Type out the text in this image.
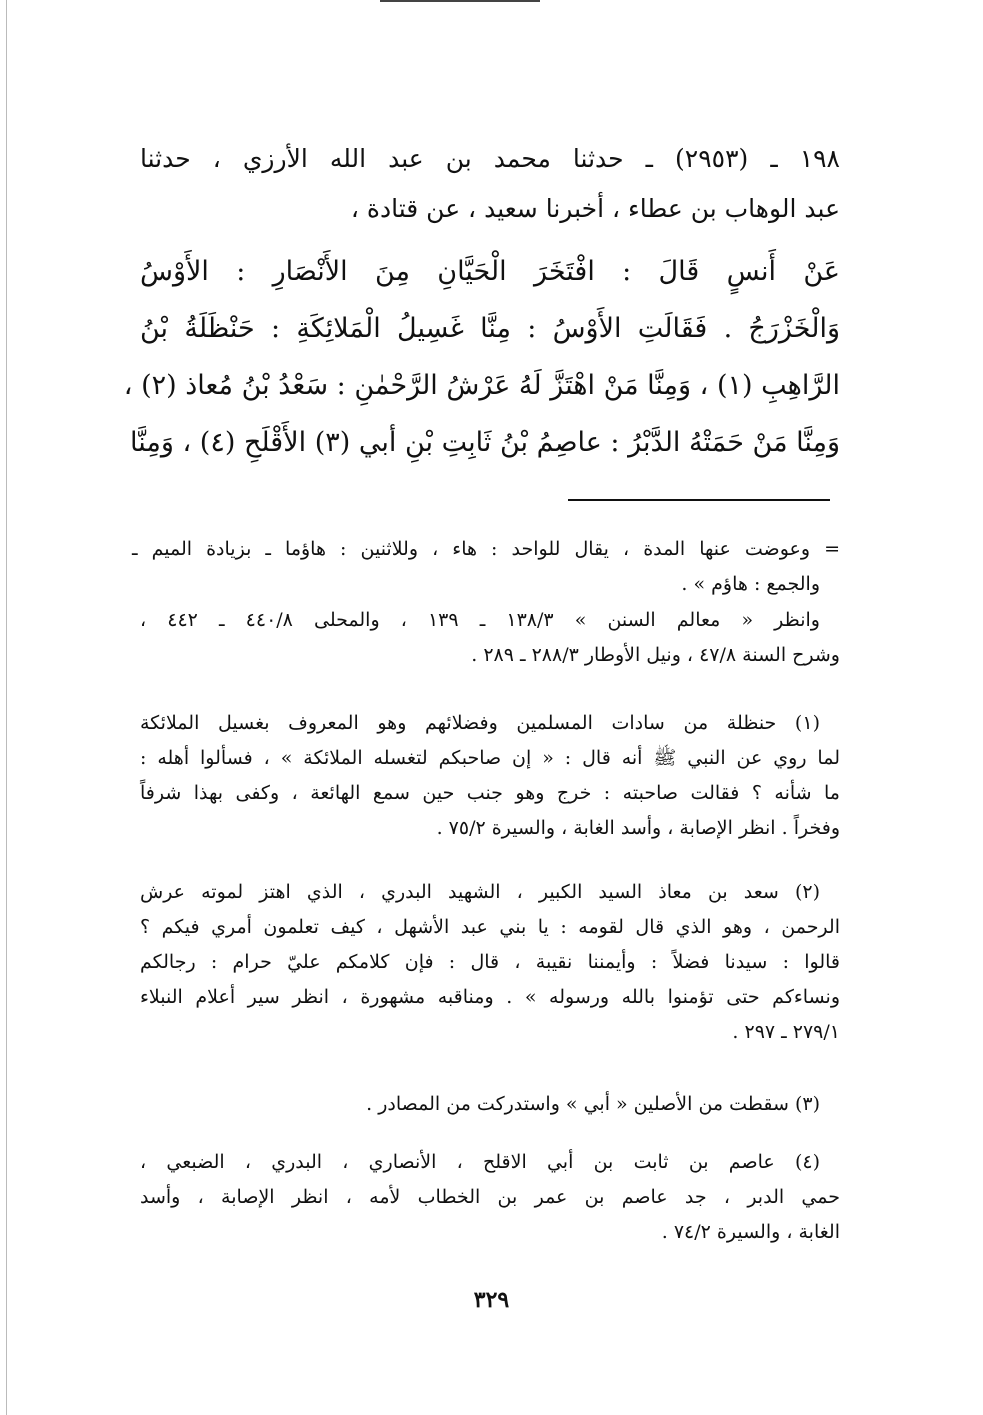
١٩٨ ـ (٢٩٥٣) ـ حدثنا محمد بن عبد الله الأرزي ، حدثنا
عبد الوهاب بن عطاء ، أخبرنا سعيد ، عن قتادة ،
عَنْ أَنسٍ قَالَ : افْتَخَرَ الْحَيَّانِ مِنَ الأَنْصَارِ : الأَوْسُ
وَالْخَزْرَجُ . فَقَالَتِ الأَوْسُ : مِنَّا غَسِيلُ الْمَلائِكَةِ : حَنْظَلَةُ بْنُ
الرَّاهِبِ (١) ، وَمِنَّا مَنْ اهْتَزَّ لَهُ عَرْشُ الرَّحْمٰنِ : سَعْدُ بْنُ مُعاذ (٢) ،
وَمِنَّا مَنْ حَمَتْهُ الدَّبْرُ : عاصِمُ بْنُ ثَابِتِ بْنِ أبي (٣) الأَقْلَحِ (٤) ، وَمِنَّا
= وعوضت عنها المدة ، يقال للواحد : هاء ، وللاثنين : هاؤما ـ بزيادة الميم ـ
والجمع : هاؤم » .
وانظر « معالم السنن » ١٣٨/٣ ـ ١٣٩ ، والمحلى ٤٤٠/٨ ـ ٤٤٢ ،
وشرح السنة ٤٧/٨ ، ونيل الأوطار ٢٨٨/٣ ـ ٢٨٩ .
(١) حنظلة من سادات المسلمين وفضلائهم وهو المعروف بغسيل الملائكة
لما روي عن النبي ﷺ أنه قال : « إن صاحبكم لتغسله الملائكة » ، فسألوا أهله :
ما شأنه ؟ فقالت صاحبته : خرج وهو جنب حين سمع الهائعة ، وكفى بهذا شرفاً
وفخراً . انظر الإصابة ، وأسد الغابة ، والسيرة ٧٥/٢ .
(٢) سعد بن معاذ السيد الكبير ، الشهيد البدري ، الذي اهتز لموته عرش
الرحمن ، وهو الذي قال لقومه : يا بني عبد الأشهل ، كيف تعلمون أمري فيكم ؟
قالوا : سيدنا فضلاً : وأيمننا نقيبة ، قال : فإن كلامكم عليّ حرام : رجالكم
ونساءكم حتى تؤمنوا بالله ورسوله » . ومناقبه مشهورة ، انظر سير أعلام النبلاء
٢٧٩/١ ـ ٢٩٧ .
(٣) سقطت من الأصلين « أبي » واستدركت من المصادر .
(٤) عاصم بن ثابت بن أبي الاقلح ، الأنصاري ، البدري ، الضبعي ،
حمي الدبر ، جد عاصم بن عمر بن الخطاب لأمه ، انظر الإصابة ، وأسد
الغابة ، والسيرة ٧٤/٢ .
٣٢٩
